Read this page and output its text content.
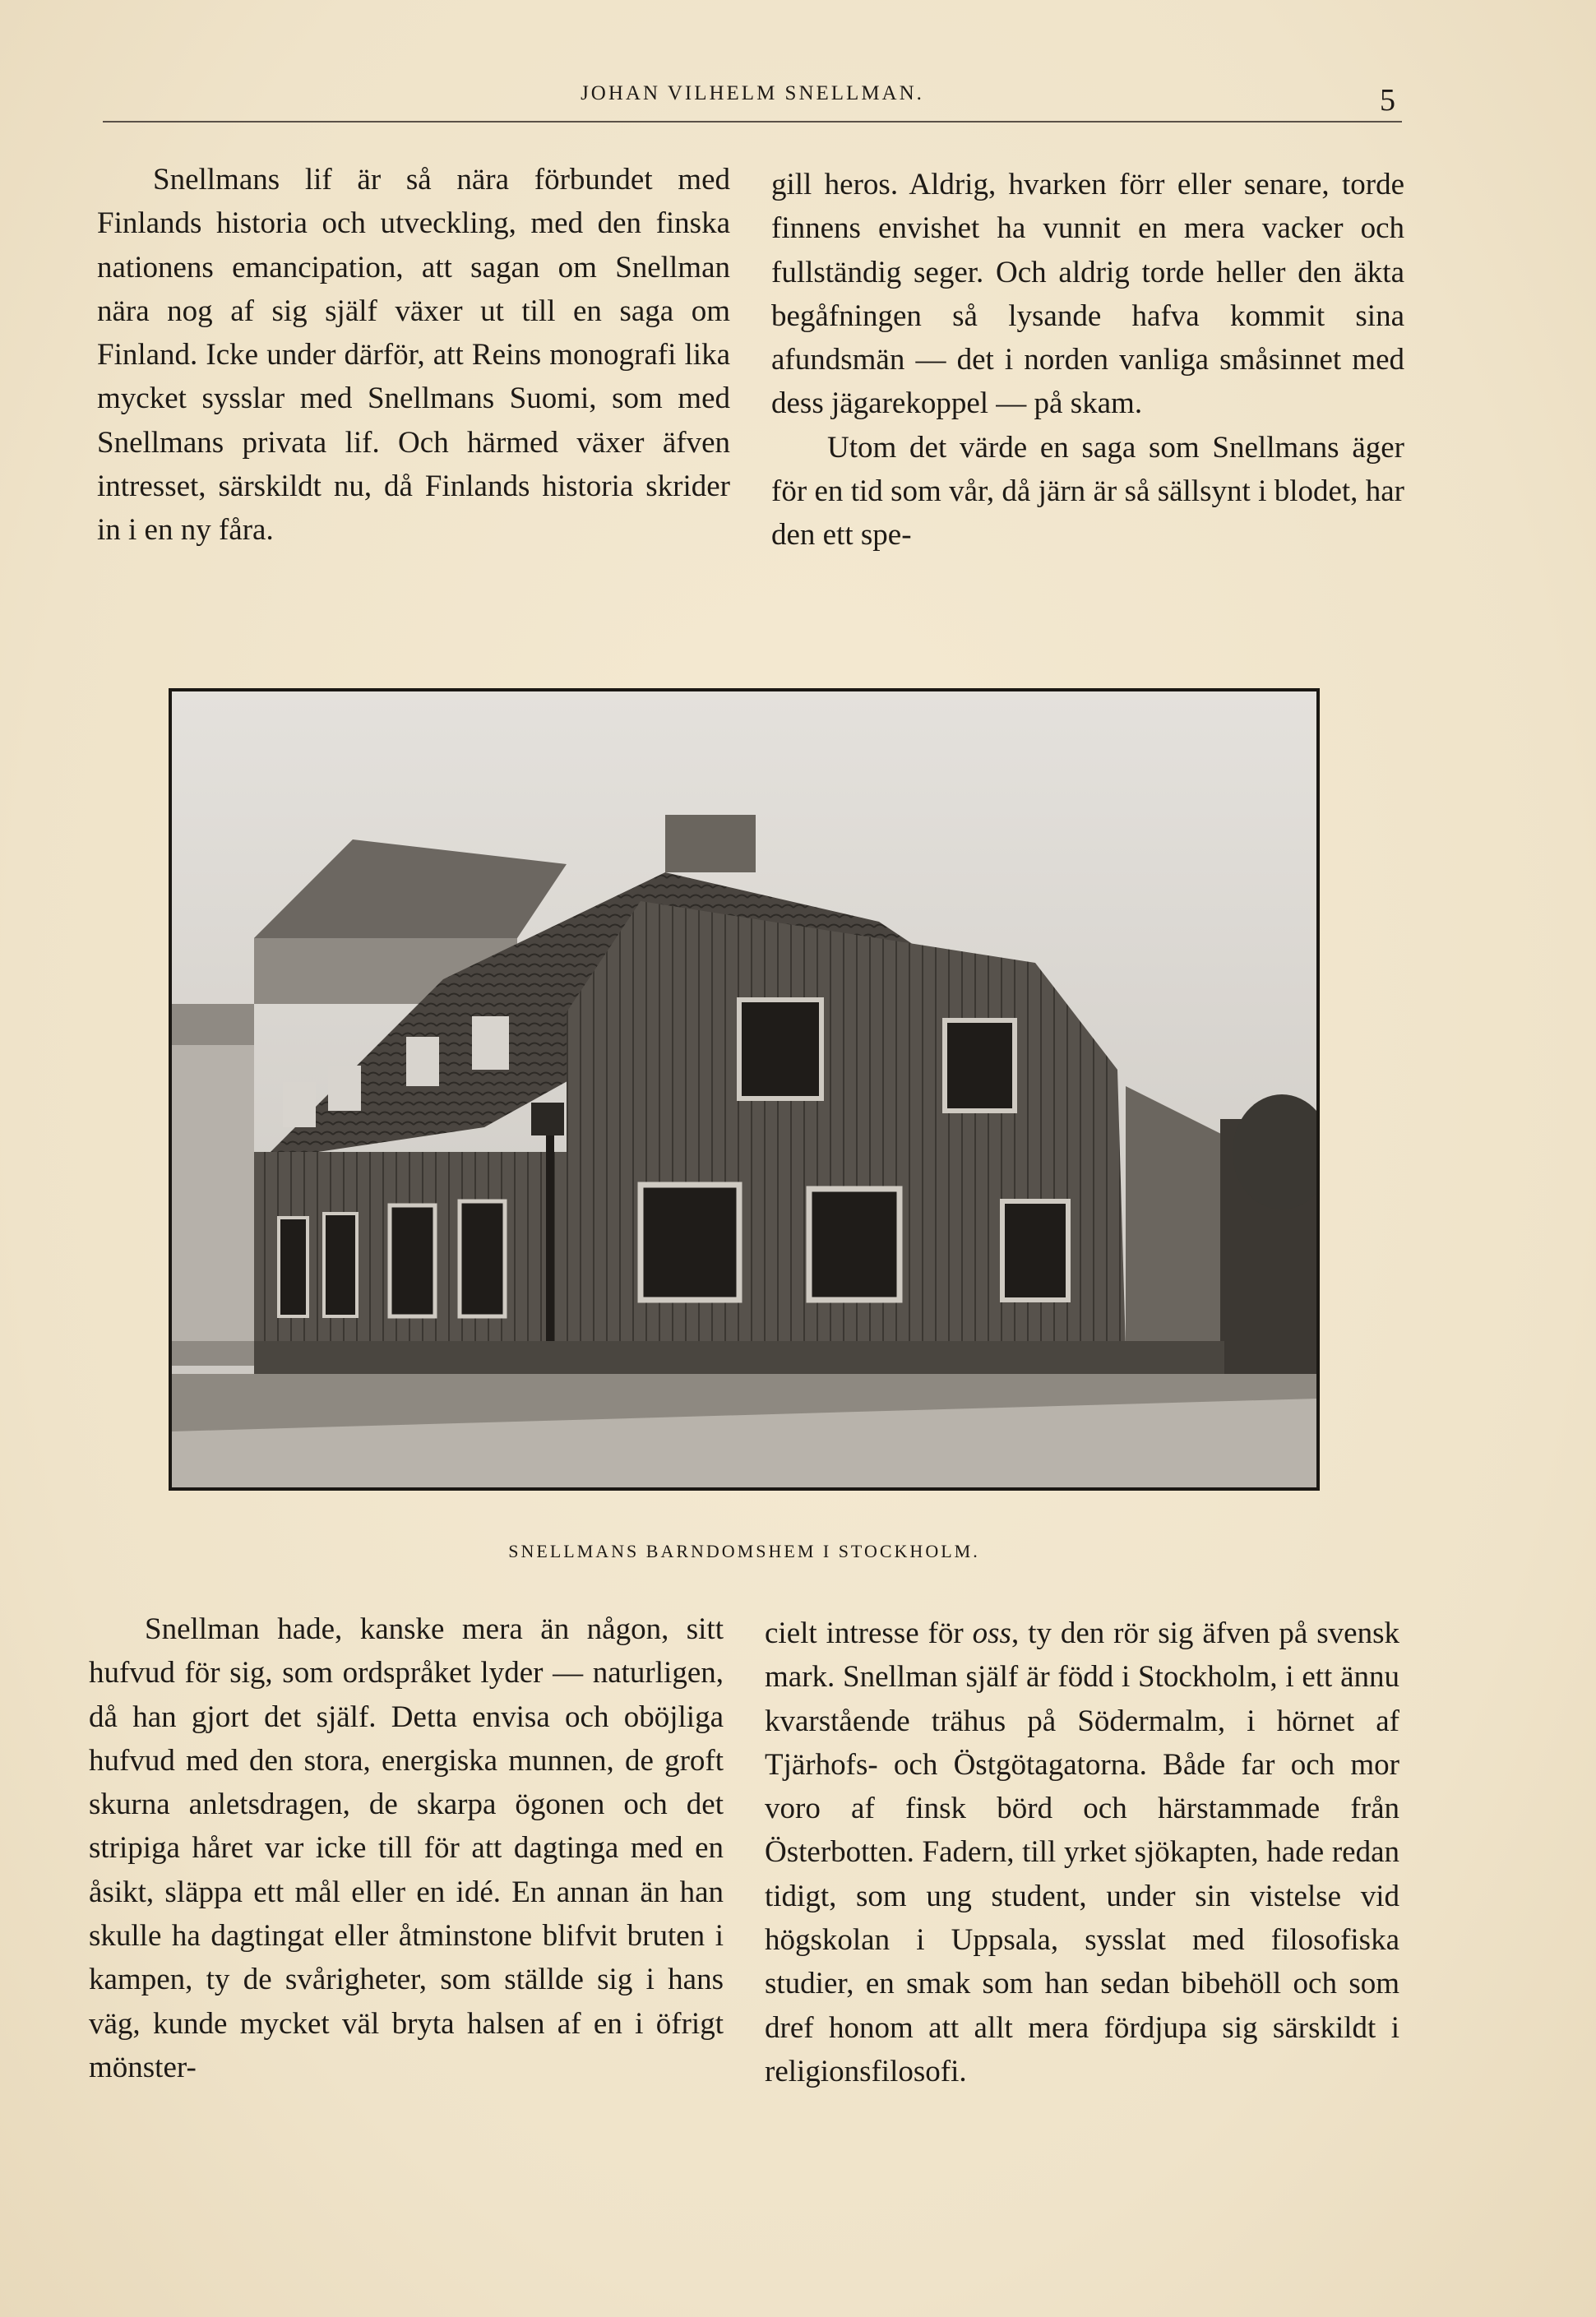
JOHAN VILHELM SNELLMAN.	5

Snellmans lif är så nära förbundet med Finlands historia och utveckling, med den finska nationens emancipation, att sagan om Snellman nära nog af sig själf växer ut till en saga om Finland. Icke under därför, att Reins monografi lika mycket sysslar med Snellmans Suomi, som med Snellmans privata lif. Och härmed växer äfven intresset, särskildt nu, då Finlands historia skrider in i en ny fåra.

gill heros. Aldrig, hvarken förr eller senare, torde finnens envishet ha vunnit en mera vacker och fullständig seger. Och aldrig torde heller den äkta begåfningen så lysande hafva kommit sina afundsmän — det i norden vanliga småsinnet med dess jägarekoppel — på skam.

Utom det värde en saga som Snellmans äger för en tid som vår, då järn är så sällsynt i blodet, har den ett spe-

SNELLMANS BARNDOMSHEM I STOCKHOLM.

Snellman hade, kanske mera än någon, sitt hufvud för sig, som ordspråket lyder — naturligen, då han gjort det själf. Detta envisa och oböjliga hufvud med den stora, energiska munnen, de groft skurna anletsdragen, de skarpa ögonen och det stripiga håret var icke till för att dagtinga med en åsikt, släppa ett mål eller en idé. En annan än han skulle ha dagtingat eller åtminstone blifvit bruten i kampen, ty de svårigheter, som ställde sig i hans väg, kunde mycket väl bryta halsen af en i öfrigt mönster-

cielt intresse för oss, ty den rör sig äfven på svensk mark. Snellman själf är född i Stockholm, i ett ännu kvarstående trähus på Södermalm, i hörnet af Tjärhofs- och Östgötagatorna. Både far och mor voro af finsk börd och härstammade från Österbotten. Fadern, till yrket sjökapten, hade redan tidigt, som ung student, under sin vistelse vid högskolan i Uppsala, sysslat med filosofiska studier, en smak som han sedan bibehöll och som dref honom att allt mera fördjupa sig särskildt i religionsfilosofi.
